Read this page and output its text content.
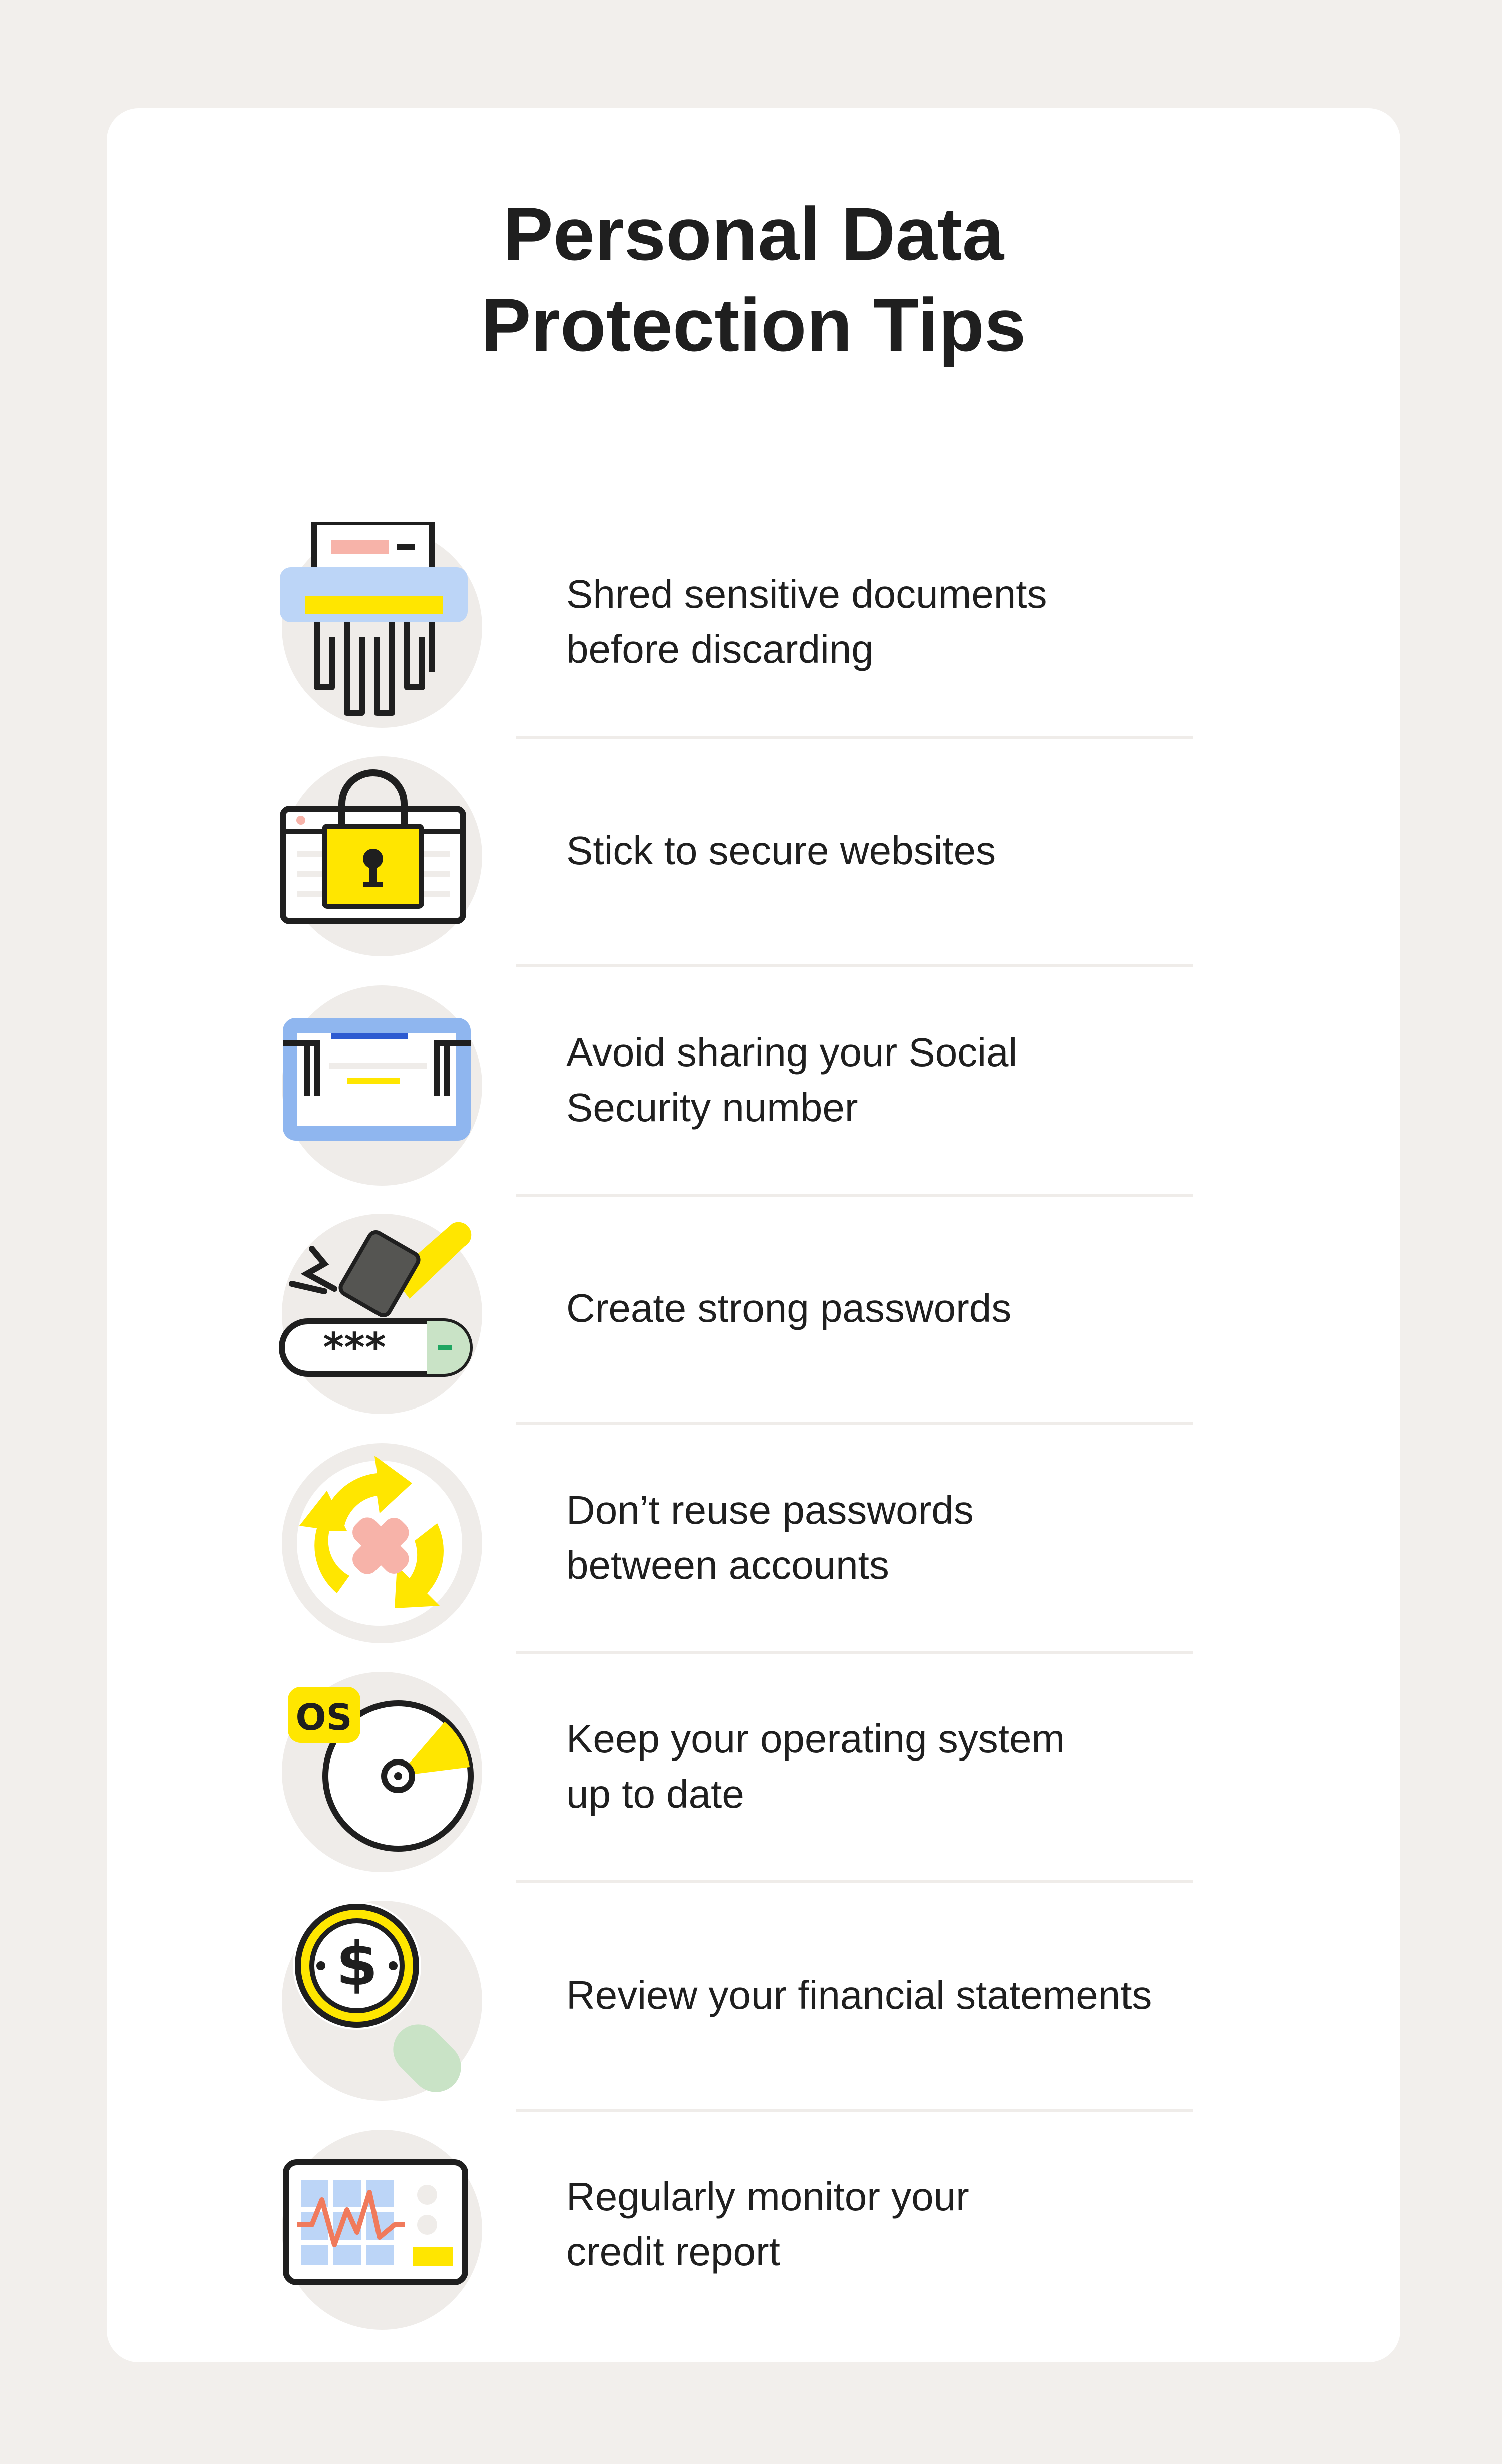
Personal Data
Protection Tips
Shred sensitive documents
before discarding
Stick to secure websites
Avoid sharing your Social
Security number
***
Create strong passwords
Don’t reuse passwords
between accounts
OS	Keep your operating system
up to date
$	Review your financial statements
Regularly monitor your
credit report
